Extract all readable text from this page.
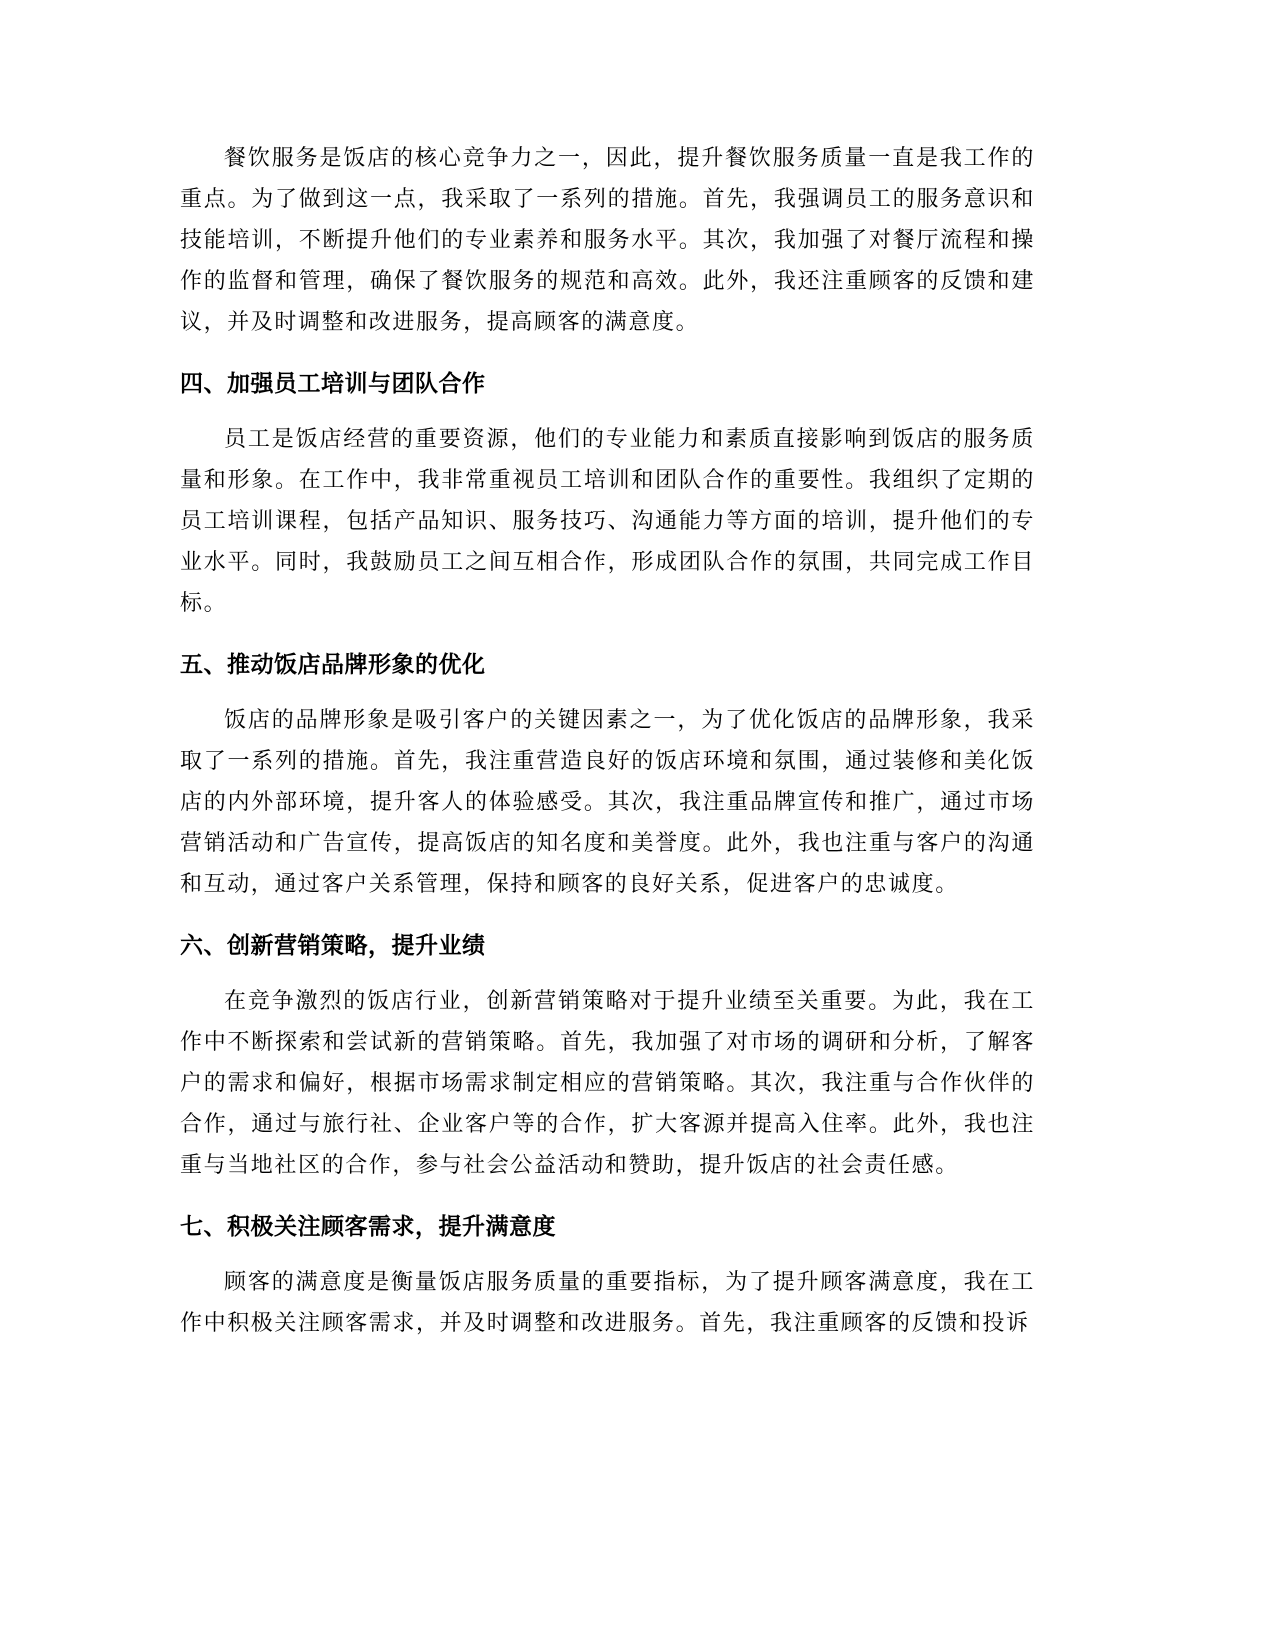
餐饮服务是饭店的核心竞争力之一，因此，提升餐饮服务质量一直是我工作的重点。为了做到这一点，我采取了一系列的措施。首先，我强调员工的服务意识和技能培训，不断提升他们的专业素养和服务水平。其次，我加强了对餐厅流程和操作的监督和管理，确保了餐饮服务的规范和高效。此外，我还注重顾客的反馈和建议，并及时调整和改进服务，提高顾客的满意度。

四、加强员工培训与团队合作

员工是饭店经营的重要资源，他们的专业能力和素质直接影响到饭店的服务质量和形象。在工作中，我非常重视员工培训和团队合作的重要性。我组织了定期的员工培训课程，包括产品知识、服务技巧、沟通能力等方面的培训，提升他们的专业水平。同时，我鼓励员工之间互相合作，形成团队合作的氛围，共同完成工作目标。

五、推动饭店品牌形象的优化

饭店的品牌形象是吸引客户的关键因素之一，为了优化饭店的品牌形象，我采取了一系列的措施。首先，我注重营造良好的饭店环境和氛围，通过装修和美化饭店的内外部环境，提升客人的体验感受。其次，我注重品牌宣传和推广，通过市场营销活动和广告宣传，提高饭店的知名度和美誉度。此外，我也注重与客户的沟通和互动，通过客户关系管理，保持和顾客的良好关系，促进客户的忠诚度。

六、创新营销策略，提升业绩

在竞争激烈的饭店行业，创新营销策略对于提升业绩至关重要。为此，我在工作中不断探索和尝试新的营销策略。首先，我加强了对市场的调研和分析，了解客户的需求和偏好，根据市场需求制定相应的营销策略。其次，我注重与合作伙伴的合作，通过与旅行社、企业客户等的合作，扩大客源并提高入住率。此外，我也注重与当地社区的合作，参与社会公益活动和赞助，提升饭店的社会责任感。

七、积极关注顾客需求，提升满意度

顾客的满意度是衡量饭店服务质量的重要指标，为了提升顾客满意度，我在工作中积极关注顾客需求，并及时调整和改进服务。首先，我注重顾客的反馈和投诉
